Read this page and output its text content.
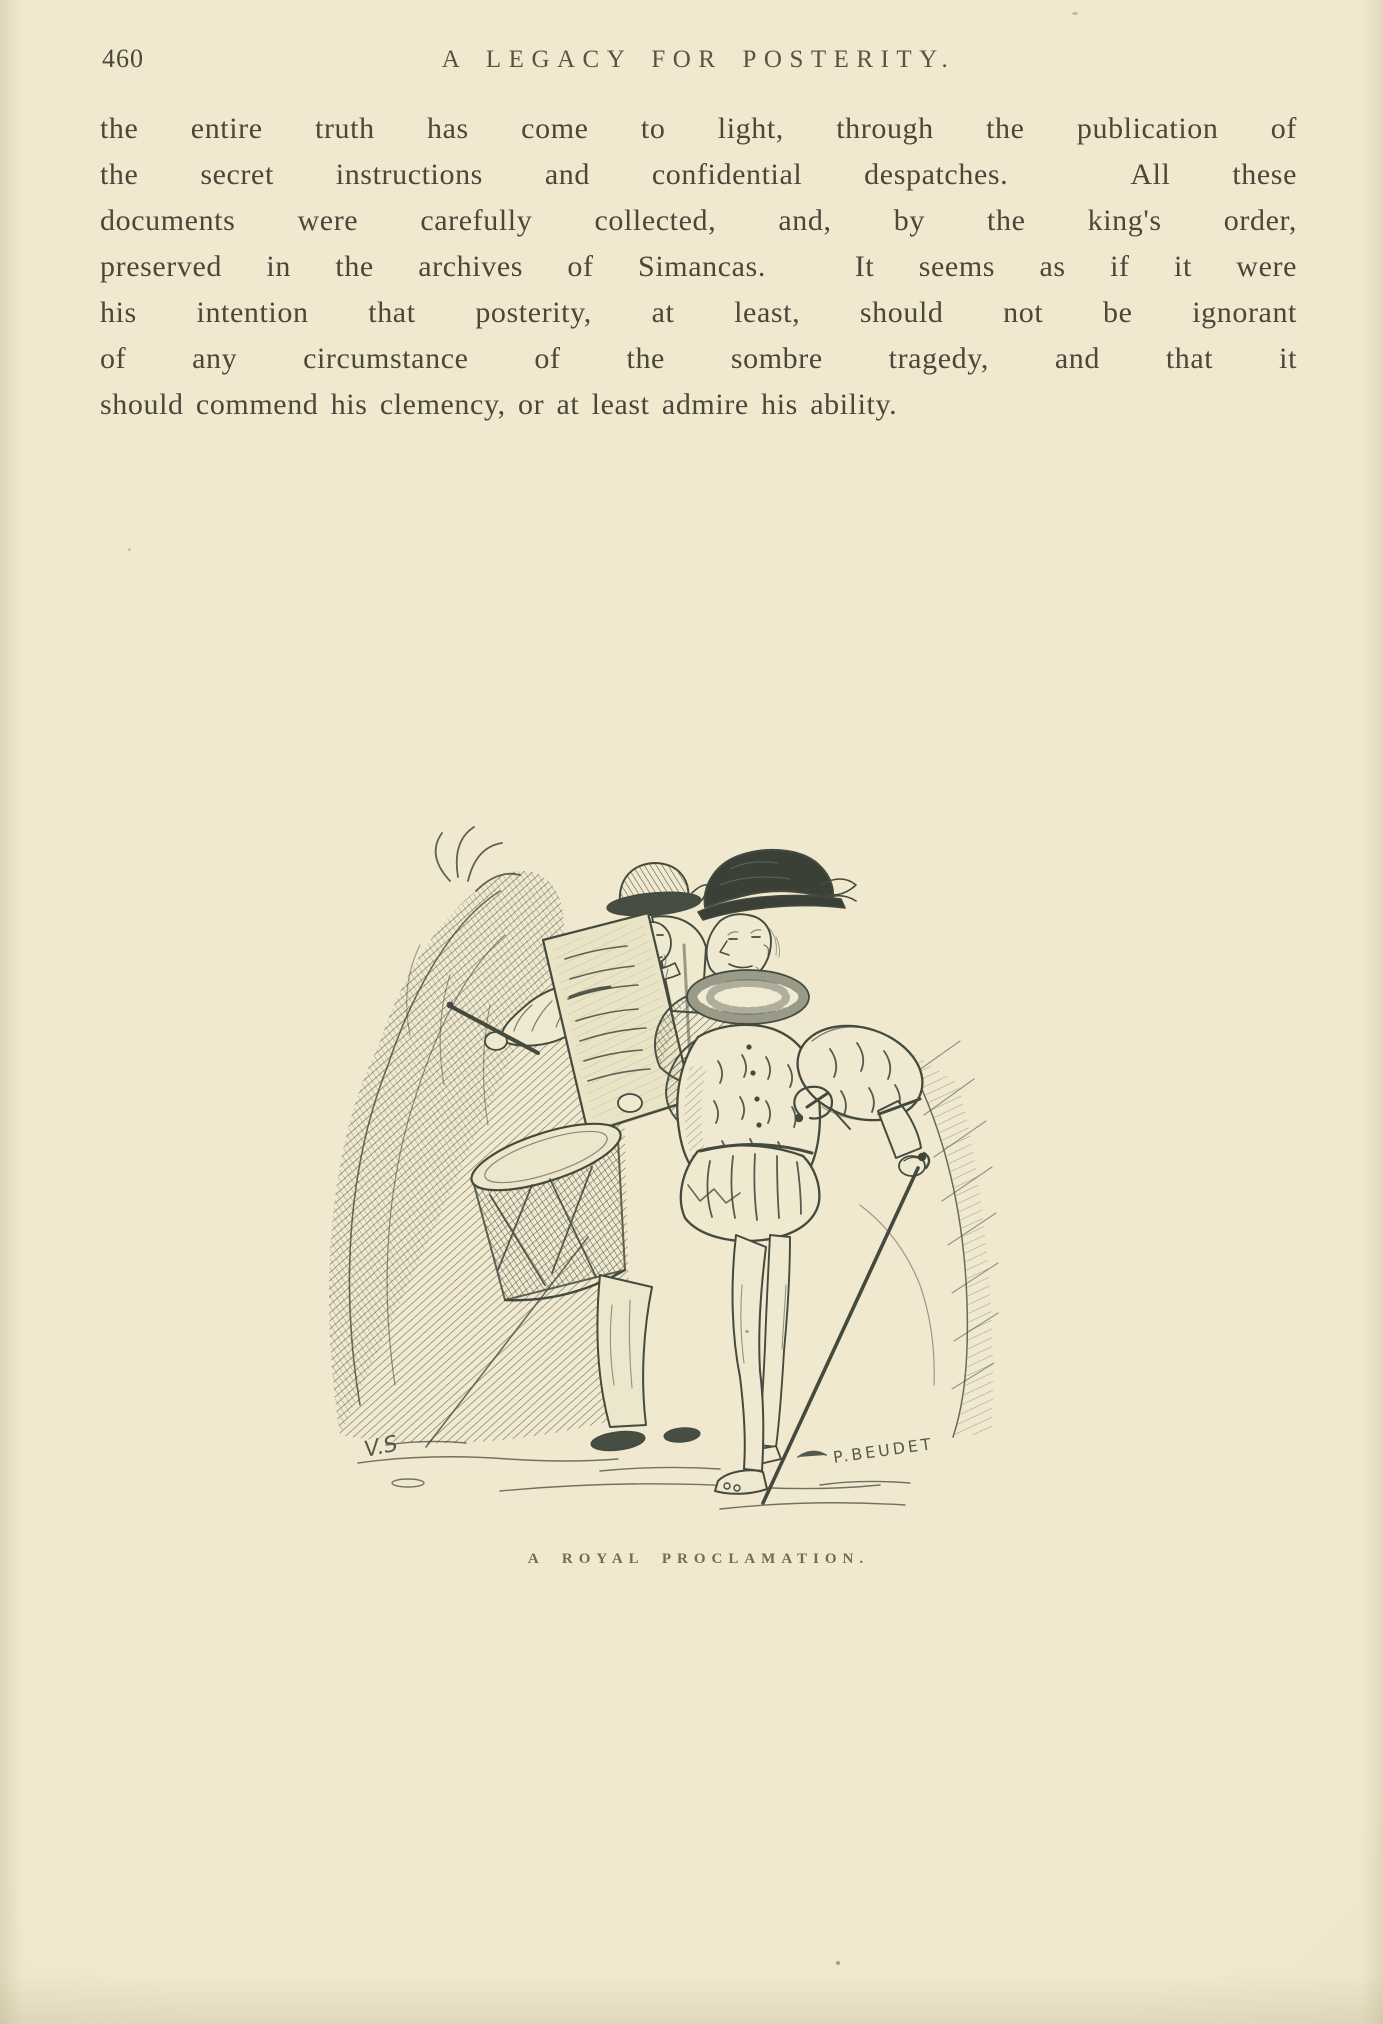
460	A LEGACY FOR POSTERITY.
the entire truth has come to light, through the publication of
the secret instructions and confidential despatches.  All these
documents were carefully collected, and, by the king's order,
preserved in the archives of Simancas.  It seems as if it were
his intention that posterity, at least, should not be ignorant
of any circumstance of the sombre tragedy, and that it
should commend his clemency, or at least admire his ability.
V.S	P.BEUDET
A ROYAL PROCLAMATION.
